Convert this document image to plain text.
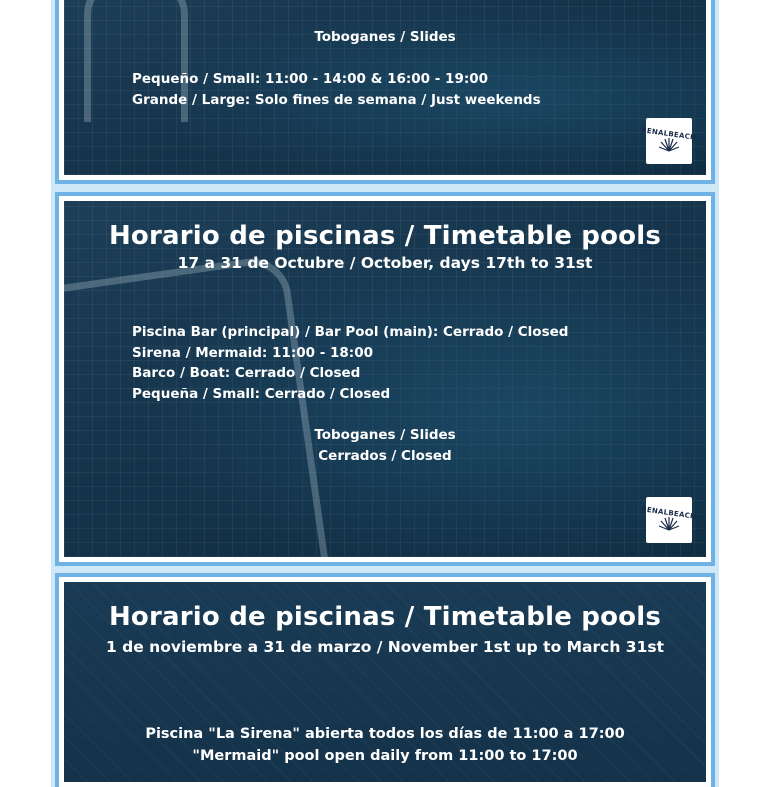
Toboganes / Slides
Pequeño / Small: 11:00 - 14:00 & 16:00 - 19:00
Grande / Large: Solo fines de semana / Just weekends
BENALBEACH
Horario de piscinas / Timetable pools
17 a 31 de Octubre / October, days 17th to 31st
Piscina Bar (principal) / Bar Pool (main): Cerrado / Closed
Sirena / Mermaid: 11:00 - 18:00
Barco / Boat: Cerrado / Closed
Pequeña / Small: Cerrado / Closed
Toboganes / Slides
Cerrados / Closed
BENALBEACH
Horario de piscinas / Timetable pools
1 de noviembre a 31 de marzo / November 1st up to March 31st
Piscina "La Sirena" abierta todos los días de 11:00 a 17:00
"Mermaid" pool open daily from 11:00 to 17:00
